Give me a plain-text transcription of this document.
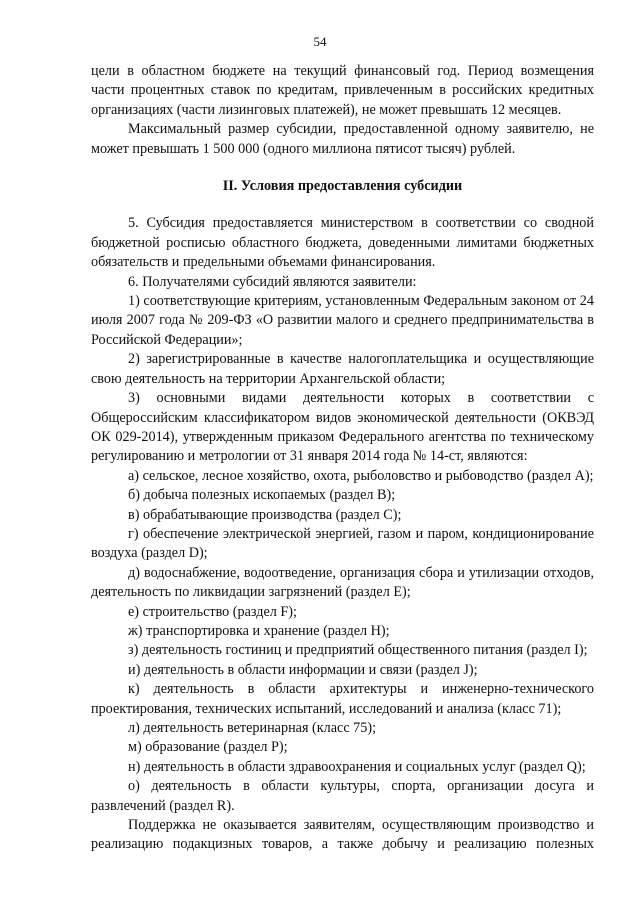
54

цели в областном бюджете на текущий финансовый год. Период возмещения части процентных ставок по кредитам, привлеченным в российских кредитных организациях (части лизинговых платежей), не может превышать 12 месяцев.

Максимальный размер субсидии, предоставленной одному заявителю, не может превышать 1 500 000 (одного миллиона пятисот тысяч) рублей.

II. Условия предоставления субсидии

5. Субсидия предоставляется министерством в соответствии со сводной бюджетной росписью областного бюджета, доведенными лимитами бюджетных обязательств и предельными объемами финансирования.

6. Получателями субсидий являются заявители:

1) соответствующие критериям, установленным Федеральным законом от 24 июля 2007 года № 209-ФЗ «О развитии малого и среднего предпринимательства в Российской Федерации»;

2) зарегистрированные в качестве налогоплательщика и осуществляющие свою деятельность на территории Архангельской области;

3) основными видами деятельности которых в соответствии с Общероссийским классификатором видов экономической деятельности (ОКВЭД ОК 029-2014), утвержденным приказом Федерального агентства по техническому регулированию и метрологии от 31 января 2014 года № 14-ст, являются:

а) сельское, лесное хозяйство, охота, рыболовство и рыбоводство (раздел A);

б) добыча полезных ископаемых (раздел B);

в) обрабатывающие производства (раздел C);

г) обеспечение электрической энергией, газом и паром, кондиционирование воздуха (раздел D);

д) водоснабжение, водоотведение, организация сбора и утилизации отходов, деятельность по ликвидации загрязнений (раздел E);

е) строительство (раздел F);

ж) транспортировка и хранение (раздел H);

з) деятельность гостиниц и предприятий общественного питания (раздел I);

и) деятельность в области информации и связи (раздел J);

к) деятельность в области архитектуры и инженерно-технического проектирования, технических испытаний, исследований и анализа (класс 71);

л) деятельность ветеринарная (класс 75);

м) образование (раздел P);

н) деятельность в области здравоохранения и социальных услуг (раздел Q);

о) деятельность в области культуры, спорта, организации досуга и развлечений (раздел R).

Поддержка не оказывается заявителям, осуществляющим производство и реализацию подакцизных товаров, а также добычу и реализацию полезных
